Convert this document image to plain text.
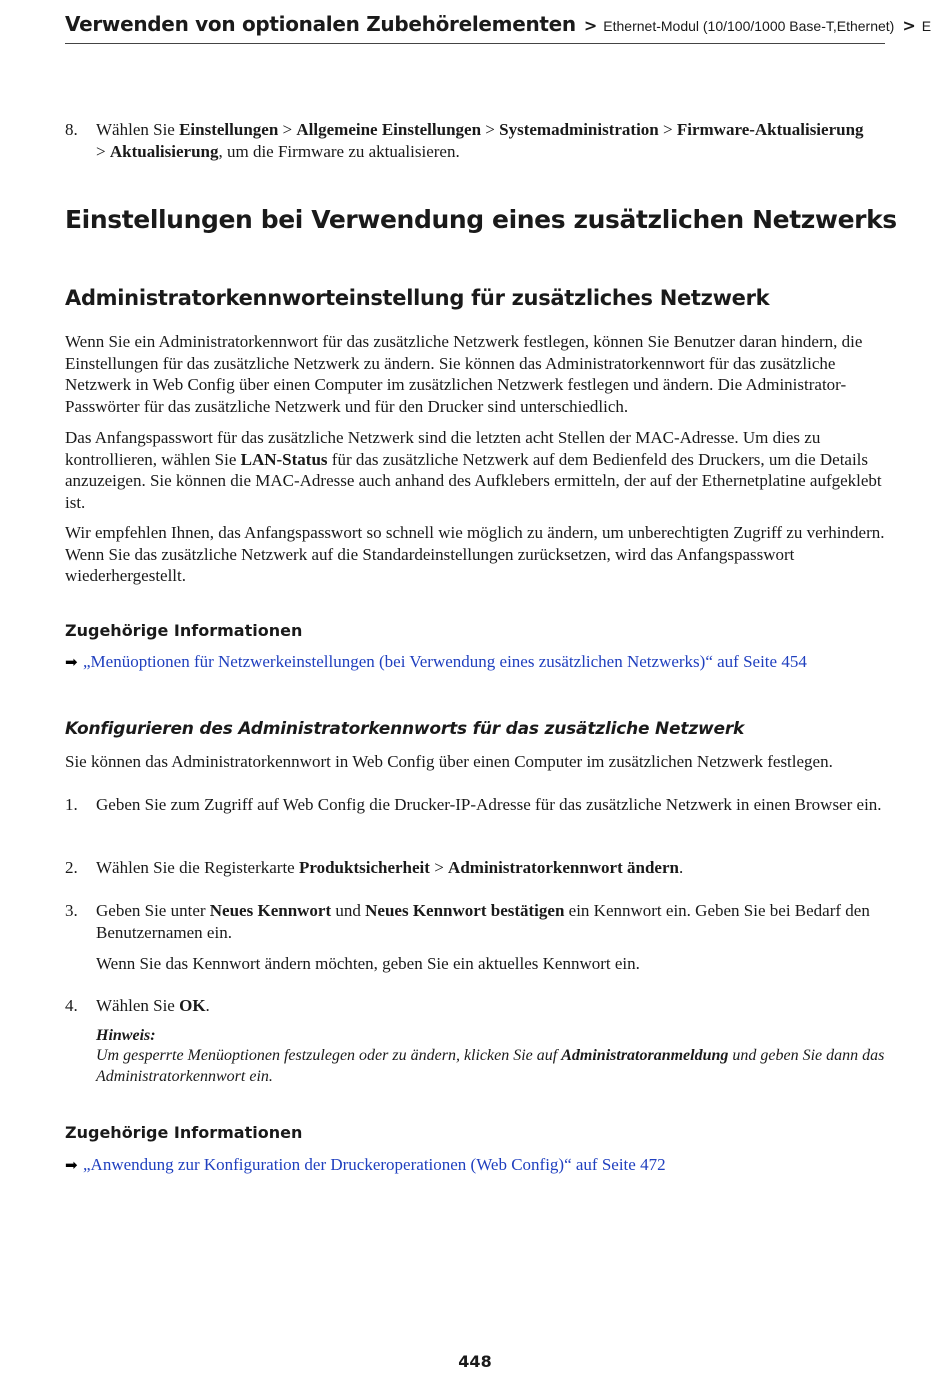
Verwenden von optionalen Zubehörelementen > Ethernet-Modul (10/100/1000 Base-T,Ethernet) > E
8.	Wählen Sie Einstellungen > Allgemeine Einstellungen > Systemadministration > Firmware-Aktualisierung
> Aktualisierung, um die Firmware zu aktualisieren.
Einstellungen bei Verwendung eines zusätzlichen Netzwerks
Administratorkennworteinstellung für zusätzliches Netzwerk

Wenn Sie ein Administratorkennwort für das zusätzliche Netzwerk festlegen, können Sie Benutzer daran hindern, die Einstellungen für das zusätzliche Netzwerk zu ändern. Sie können das Administratorkennwort für das zusätzliche Netzwerk in Web Config über einen Computer im zusätzlichen Netzwerk festlegen und ändern. Die Administrator-Passwörter für das zusätzliche Netzwerk und für den Drucker sind unterschiedlich.

Das Anfangspasswort für das zusätzliche Netzwerk sind die letzten acht Stellen der MAC-Adresse. Um dies zu kontrollieren, wählen Sie LAN-Status für das zusätzliche Netzwerk auf dem Bedienfeld des Druckers, um die Details anzuzeigen. Sie können die MAC-Adresse auch anhand des Aufklebers ermitteln, der auf der Ethernetplatine aufgeklebt ist.

Wir empfehlen Ihnen, das Anfangspasswort so schnell wie möglich zu ändern, um unberechtigten Zugriff zu verhindern. Wenn Sie das zusätzliche Netzwerk auf die Standardeinstellungen zurücksetzen, wird das Anfangspasswort wiederhergestellt.

Zugehörige Informationen
➡ „Menüoptionen für Netzwerkeinstellungen (bei Verwendung eines zusätzlichen Netzwerks)“ auf Seite 454
Konfigurieren des Administratorkennworts für das zusätzliche Netzwerk

Sie können das Administratorkennwort in Web Config über einen Computer im zusätzlichen Netzwerk festlegen.

1.	Geben Sie zum Zugriff auf Web Config die Drucker-IP-Adresse für das zusätzliche Netzwerk in einen Browser ein.
2.	Wählen Sie die Registerkarte Produktsicherheit > Administratorkennwort ändern.
3.	Geben Sie unter Neues Kennwort und Neues Kennwort bestätigen ein Kennwort ein. Geben Sie bei Bedarf den Benutzernamen ein.
Wenn Sie das Kennwort ändern möchten, geben Sie ein aktuelles Kennwort ein.
4.	Wählen Sie OK.
Hinweis:
Um gesperrte Menüoptionen festzulegen oder zu ändern, klicken Sie auf Administratoranmeldung und geben Sie dann das Administratorkennwort ein.
Zugehörige Informationen
➡ „Anwendung zur Konfiguration der Druckeroperationen (Web Config)“ auf Seite 472
448
